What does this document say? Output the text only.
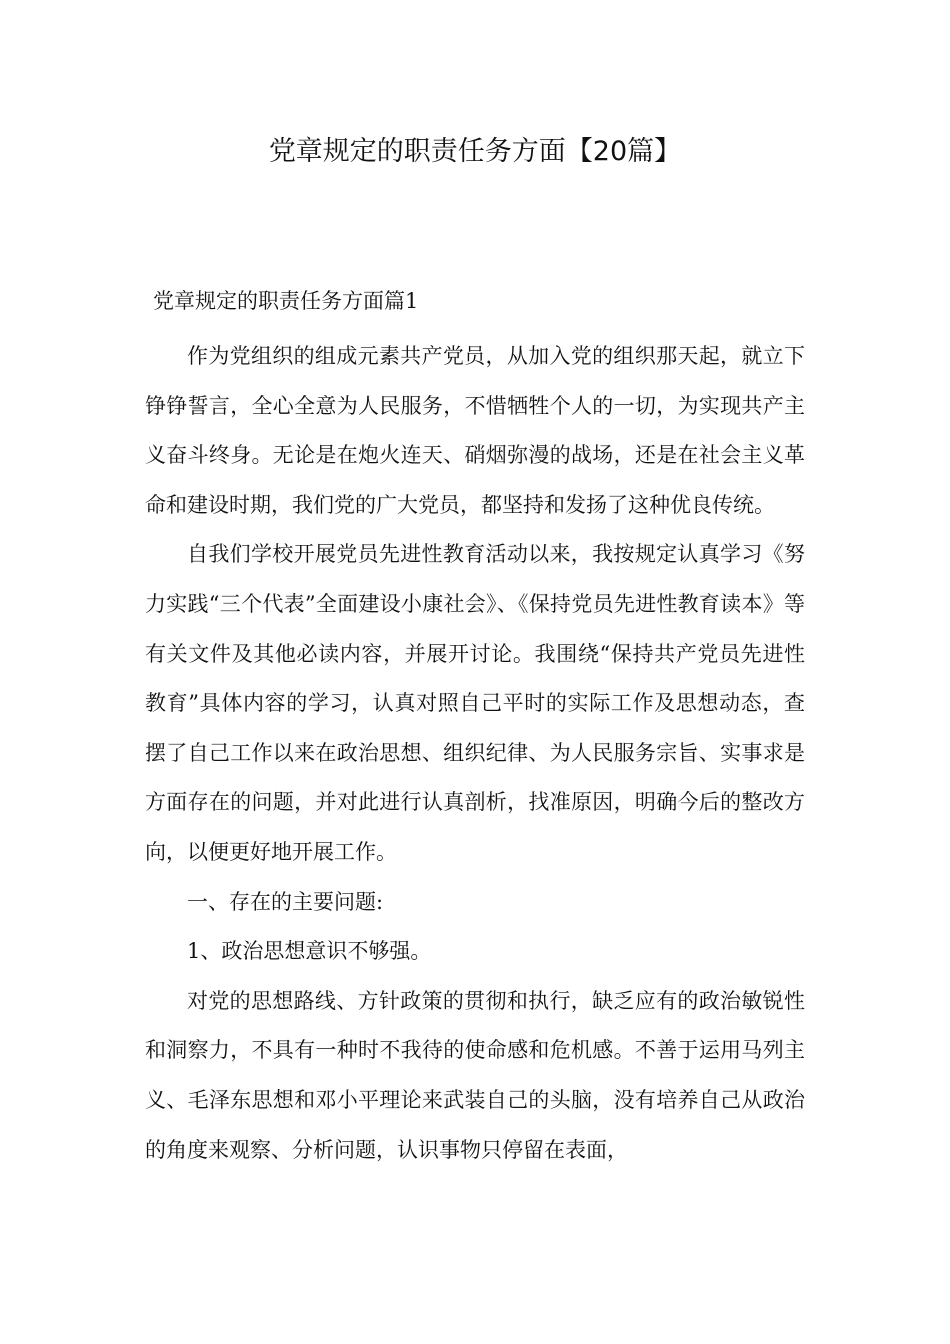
党章规定的职责任务方面【20篇】
党章规定的职责任务方面篇1

作为党组织的组成元素共产党员，从加入党的组织那天起，就立下铮铮誓言，全心全意为人民服务，不惜牺牲个人的一切，为实现共产主义奋斗终身。无论是在炮火连天、硝烟弥漫的战场，还是在社会主义革命和建设时期，我们党的广大党员，都坚持和发扬了这种优良传统。

自我们学校开展党员先进性教育活动以来，我按规定认真学习《努力实践“三个代表”全面建设小康社会》、《保持党员先进性教育读本》等有关文件及其他必读内容，并展开讨论。我围绕“保持共产党员先进性教育”具体内容的学习，认真对照自己平时的实际工作及思想动态，查摆了自己工作以来在政治思想、组织纪律、为人民服务宗旨、实事求是方面存在的问题，并对此进行认真剖析，找准原因，明确今后的整改方向，以便更好地开展工作。

一、存在的主要问题:

1、政治思想意识不够强。

对党的思想路线、方针政策的贯彻和执行，缺乏应有的政治敏锐性和洞察力，不具有一种时不我待的使命感和危机感。不善于运用马列主义、毛泽东思想和邓小平理论来武装自己的头脑，没有培养自己从政治的角度来观察、分析问题，认识事物只停留在表面，
